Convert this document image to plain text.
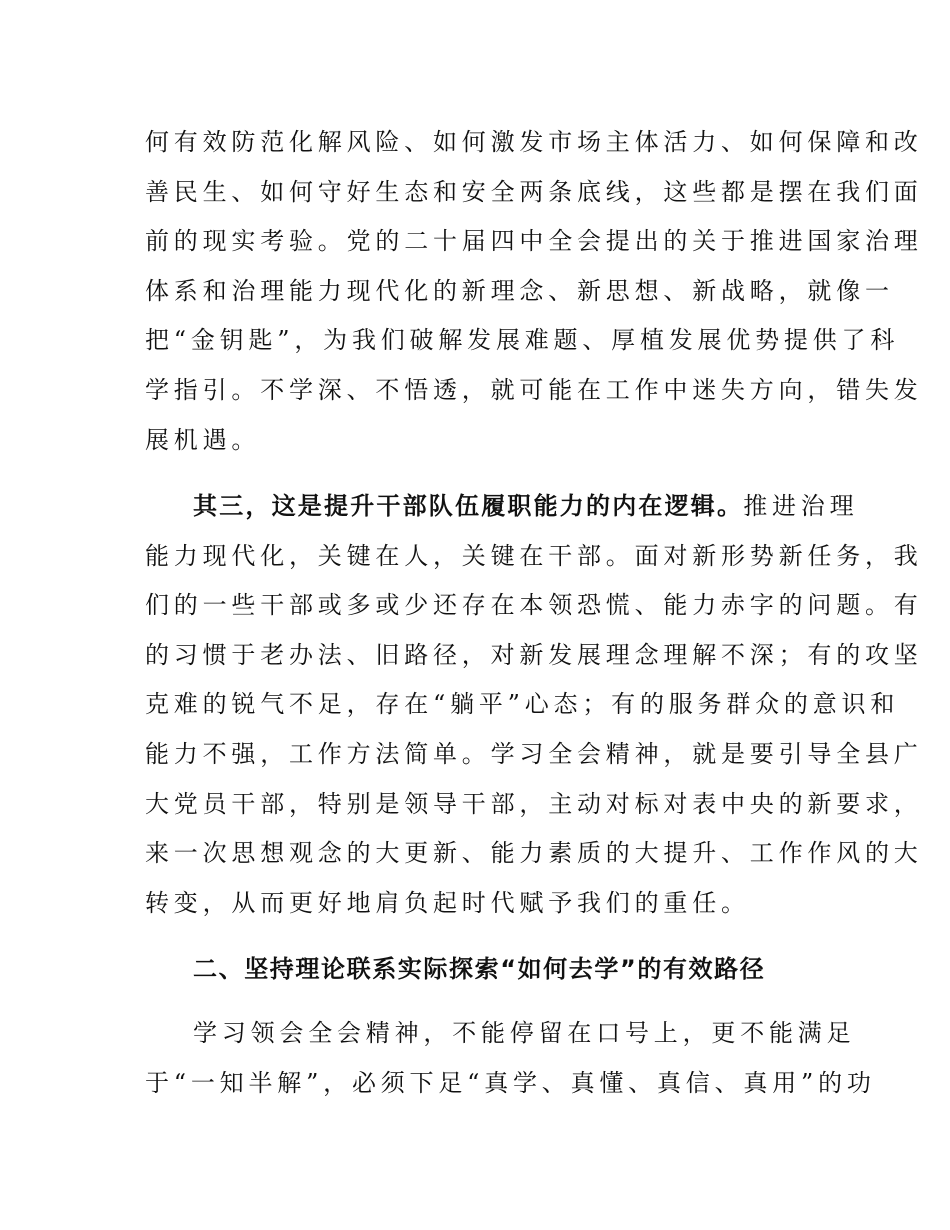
何有效防范化解风险、如何激发市场主体活力、如何保障和改
善民生、如何守好生态和安全两条底线，这些都是摆在我们面
前的现实考验。党的二十届四中全会提出的关于推进国家治理
体系和治理能力现代化的新理念、新思想、新战略，就像一
把“金钥匙”，为我们破解发展难题、厚植发展优势提供了科
学指引。不学深、不悟透，就可能在工作中迷失方向，错失发
展机遇。
其三，这是提升干部队伍履职能力的内在逻辑。推进治理
能力现代化，关键在人，关键在干部。面对新形势新任务，我
们的一些干部或多或少还存在本领恐慌、能力赤字的问题。有
的习惯于老办法、旧路径，对新发展理念理解不深；有的攻坚
克难的锐气不足，存在“躺平”心态；有的服务群众的意识和
能力不强，工作方法简单。学习全会精神，就是要引导全县广
大党员干部，特别是领导干部，主动对标对表中央的新要求，
来一次思想观念的大更新、能力素质的大提升、工作作风的大
转变，从而更好地肩负起时代赋予我们的重任。
二、坚持理论联系实际探索“如何去学”的有效路径
学习领会全会精神，不能停留在口号上，更不能满足
于“一知半解”，必须下足“真学、真懂、真信、真用”的功
